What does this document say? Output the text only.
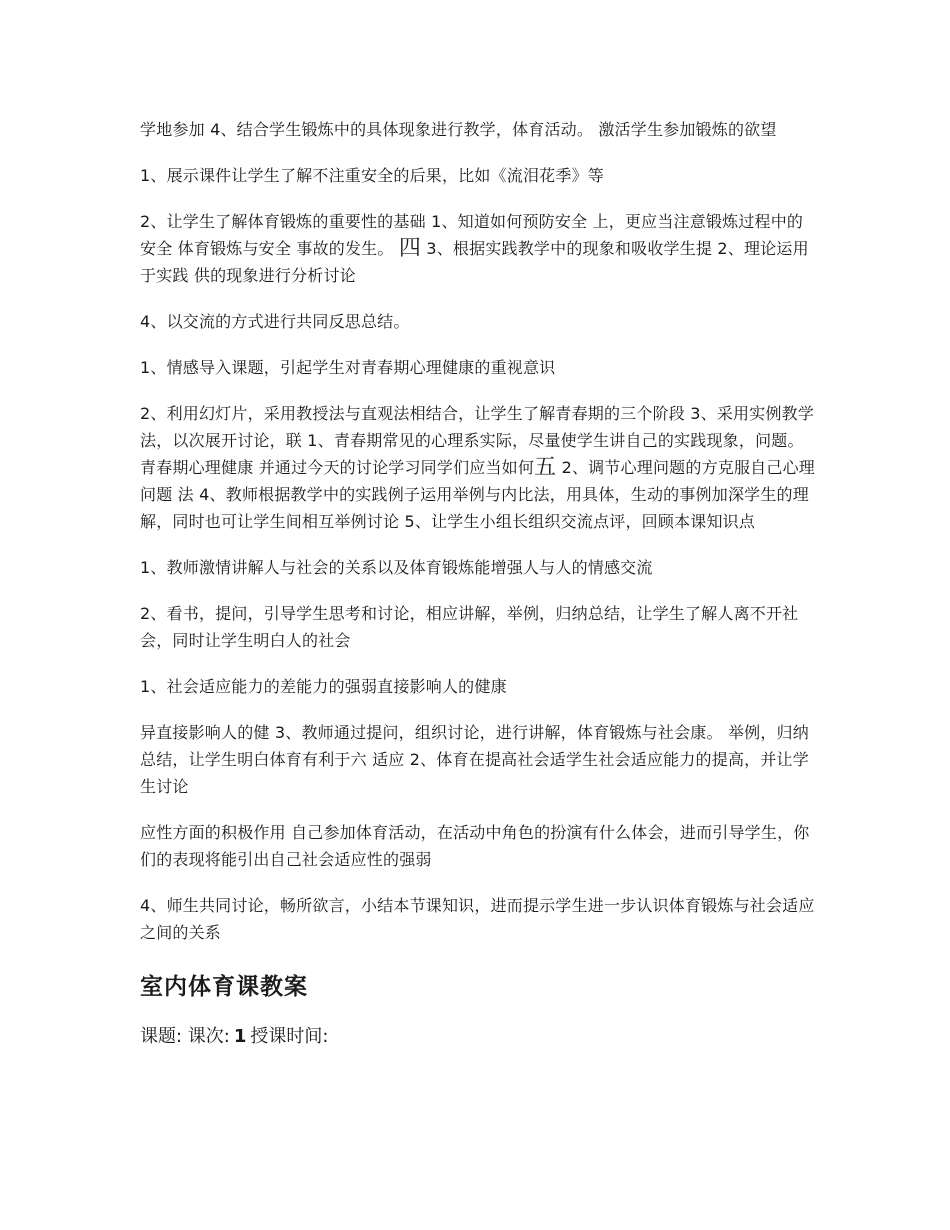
学地参加 4、结合学生锻炼中的具体现象进行教学，体育活动。 激活学生参加锻炼的欲望

1、展示课件让学生了解不注重安全的后果，比如《流泪花季》等

2、让学生了解体育锻炼的重要性的基础 1、知道如何预防安全 上，更应当注意锻炼过程中的安全 体育锻炼与安全 事故的发生。 四 3、根据实践教学中的现象和吸收学生提 2、理论运用于实践 供的现象进行分析讨论

4、以交流的方式进行共同反思总结。

1、情感导入课题，引起学生对青春期心理健康的重视意识

2、利用幻灯片，采用教授法与直观法相结合，让学生了解青春期的三个阶段 3、采用实例教学法，以次展开讨论，联 1、青春期常见的心理系实际，尽量使学生讲自己的实践现象，问题。 青春期心理健康 并通过今天的讨论学习同学们应当如何五 2、调节心理问题的方克服自己心理问题 法 4、教师根据教学中的实践例子运用举例与内比法，用具体，生动的事例加深学生的理解，同时也可让学生间相互举例讨论 5、让学生小组长组织交流点评，回顾本课知识点

1、教师激情讲解人与社会的关系以及体育锻炼能增强人与人的情感交流

2、看书，提问，引导学生思考和讨论，相应讲解，举例，归纳总结，让学生了解人离不开社会，同时让学生明白人的社会

1、社会适应能力的差能力的强弱直接影响人的健康

异直接影响人的健 3、教师通过提问，组织讨论，进行讲解，体育锻炼与社会康。 举例，归纳总结，让学生明白体育有利于六 适应 2、体育在提高社会适学生社会适应能力的提高，并让学生讨论

应性方面的积极作用 自己参加体育活动，在活动中角色的扮演有什么体会，进而引导学生，你们的表现将能引出自己社会适应性的强弱

4、师生共同讨论，畅所欲言，小结本节课知识，进而提示学生进一步认识体育锻炼与社会适应之间的关系

室内体育课教案

课题: 课次: 1 授课时间:
